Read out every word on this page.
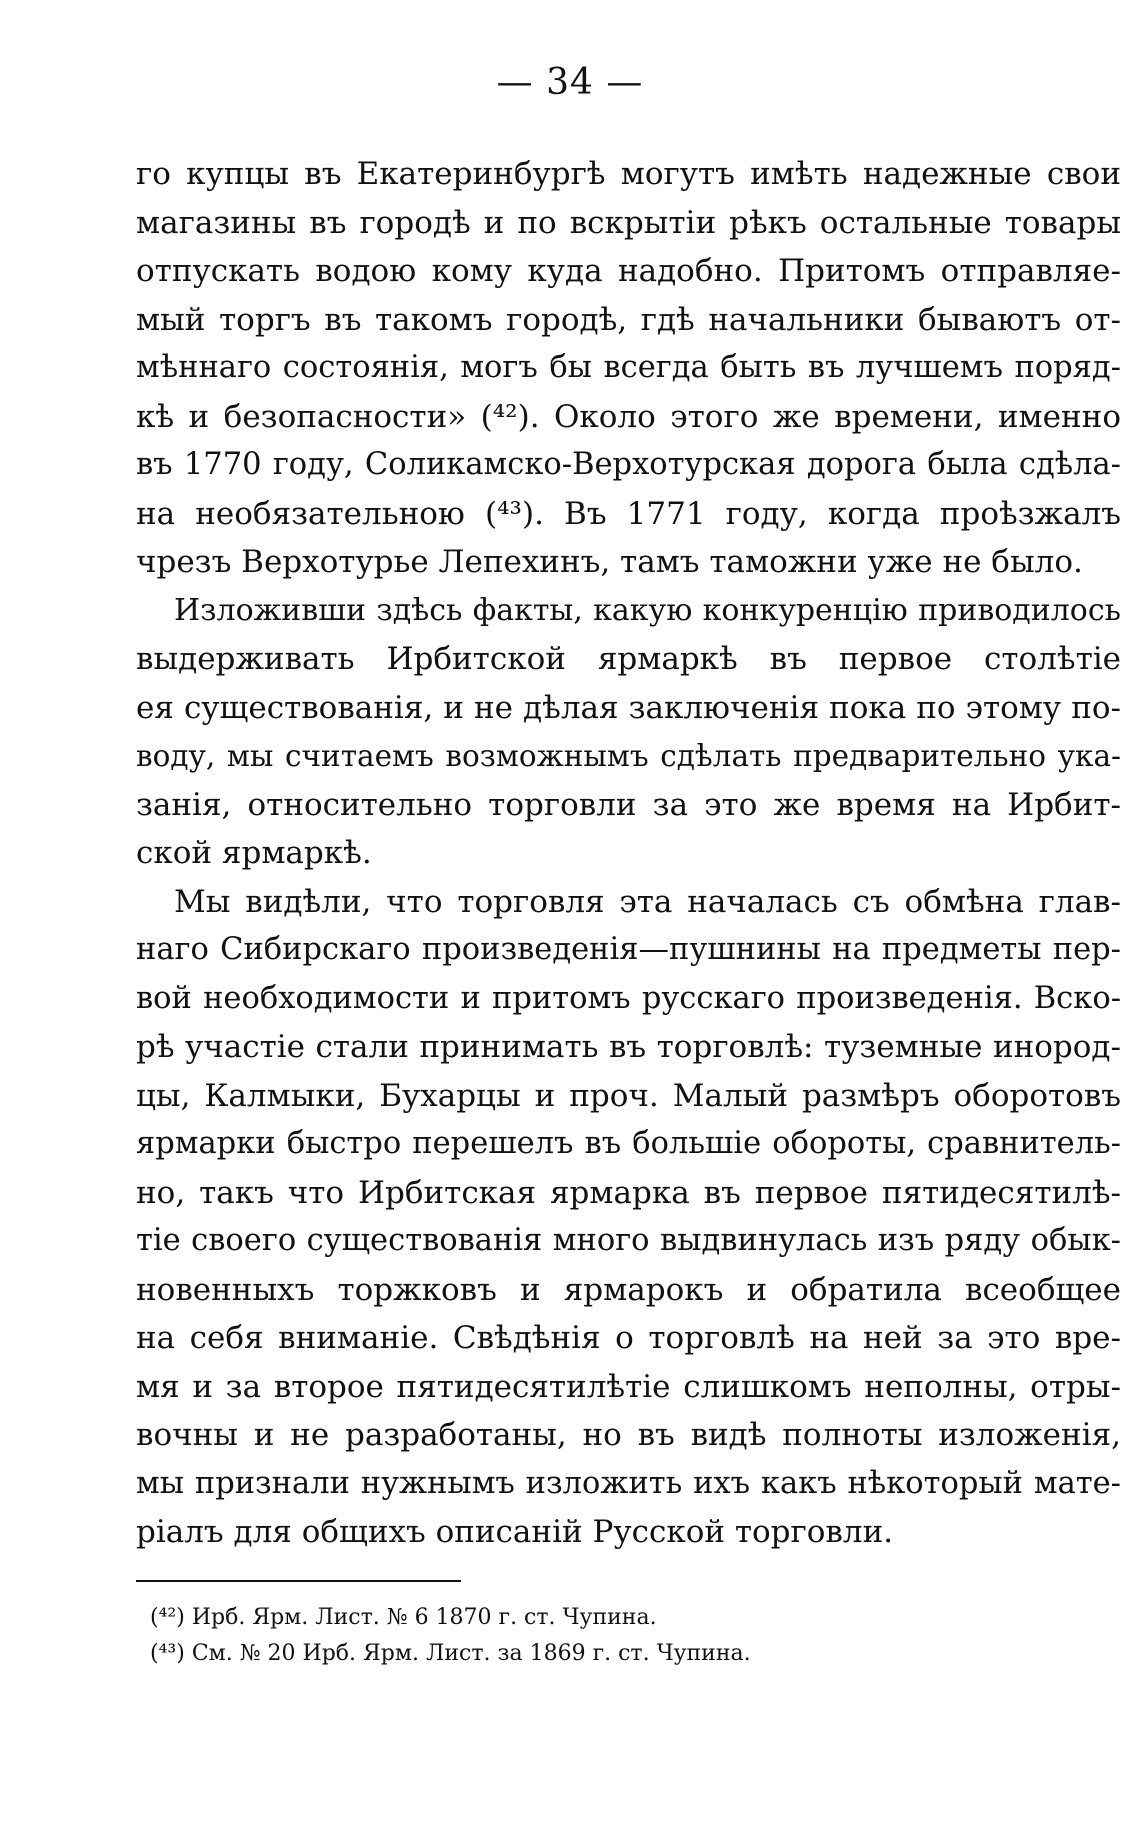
— 34 —
го купцы въ Екатеринбургѣ могутъ имѣть надежные свои
магазины въ городѣ и по вскрытіи рѣкъ остальные товары
отпускать водою кому куда надобно. Притомъ отправляе-
мый торгъ въ такомъ городѣ, гдѣ начальники бываютъ от-
мѣннаго состоянія, могъ бы всегда быть въ лучшемъ поряд-
кѣ и безопасности» (⁴²). Около этого же времени, именно
въ 1770 году, Соликамско-Верхотурская дорога была сдѣла-
на необязательною (⁴³). Въ 1771 году, когда проѣзжалъ
чрезъ Верхотурье Лепехинъ, тамъ таможни уже не было.
Изложивши здѣсь факты, какую конкуренцію приводилось
выдерживать Ирбитской ярмаркѣ въ первое столѣтіе
ея существованія, и не дѣлая заключенія пока по этому по-
воду, мы считаемъ возможнымъ сдѣлать предварительно ука-
занія, относительно торговли за это же время на Ирбит-
ской ярмаркѣ.
Мы видѣли, что торговля эта началась съ обмѣна глав-
наго Сибирскаго произведенія—пушнины на предметы пер-
вой необходимости и притомъ русскаго произведенія. Вско-
рѣ участіе стали принимать въ торговлѣ: туземные инород-
цы, Калмыки, Бухарцы и проч. Малый размѣръ оборотовъ
ярмарки быстро перешелъ въ большіе обороты, сравнитель-
но, такъ что Ирбитская ярмарка въ первое пятидесятилѣ-
тіе своего существованія много выдвинулась изъ ряду обык-
новенныхъ торжковъ и ярмарокъ и обратила всеобщее
на себя вниманіе. Свѣдѣнія о торговлѣ на ней за это вре-
мя и за второе пятидесятилѣтіе слишкомъ неполны, отры-
вочны и не разработаны, но въ видѣ полноты изложенія,
мы признали нужнымъ изложить ихъ какъ нѣкоторый мате-
ріалъ для общихъ описаній Русской торговли.
(⁴²) Ирб. Ярм. Лист. № 6 1870 г. ст. Чупина.
(⁴³) См. № 20 Ирб. Ярм. Лист. за 1869 г. ст. Чупина.
